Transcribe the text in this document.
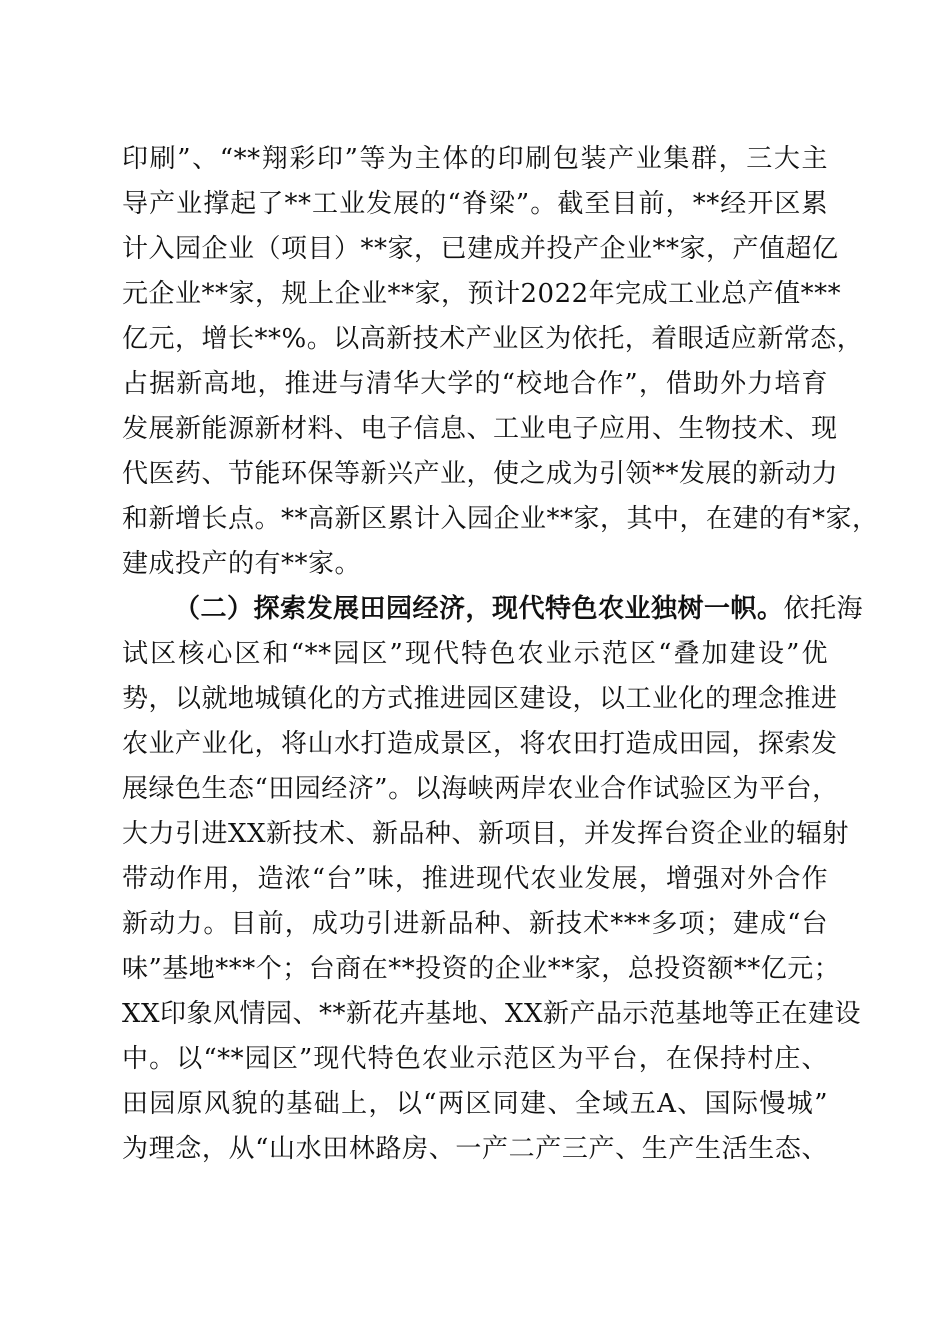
印刷”、“**翔彩印”等为主体的印刷包装产业集群，三大主
导产业撑起了**工业发展的“脊梁”。截至目前，**经开区累
计入园企业（项目）**家，已建成并投产企业**家，产值超亿
元企业**家，规上企业**家，预计2022年完成工业总产值***
亿元，增长**%。以高新技术产业区为依托，着眼适应新常态，
占据新高地，推进与清华大学的“校地合作”，借助外力培育
发展新能源新材料、电子信息、工业电子应用、生物技术、现
代医药、节能环保等新兴产业，使之成为引领**发展的新动力
和新增长点。**高新区累计入园企业**家，其中，在建的有*家，
建成投产的有**家。
（二）探索发展田园经济，现代特色农业独树一帜。依托海
试区核心区和“**园区”现代特色农业示范区“叠加建设”优
势，以就地城镇化的方式推进园区建设，以工业化的理念推进
农业产业化，将山水打造成景区，将农田打造成田园，探索发
展绿色生态“田园经济”。以海峡两岸农业合作试验区为平台，
大力引进XX新技术、新品种、新项目，并发挥台资企业的辐射
带动作用，造浓“台”味，推进现代农业发展，增强对外合作
新动力。目前，成功引进新品种、新技术***多项；建成“台
味”基地***个；台商在**投资的企业**家，总投资额**亿元；
XX印象风情园、**新花卉基地、XX新产品示范基地等正在建设
中。以“**园区”现代特色农业示范区为平台，在保持村庄、
田园原风貌的基础上，以“两区同建、全域五A、国际慢城”
为理念，从“山水田林路房、一产二产三产、生产生活生态、
